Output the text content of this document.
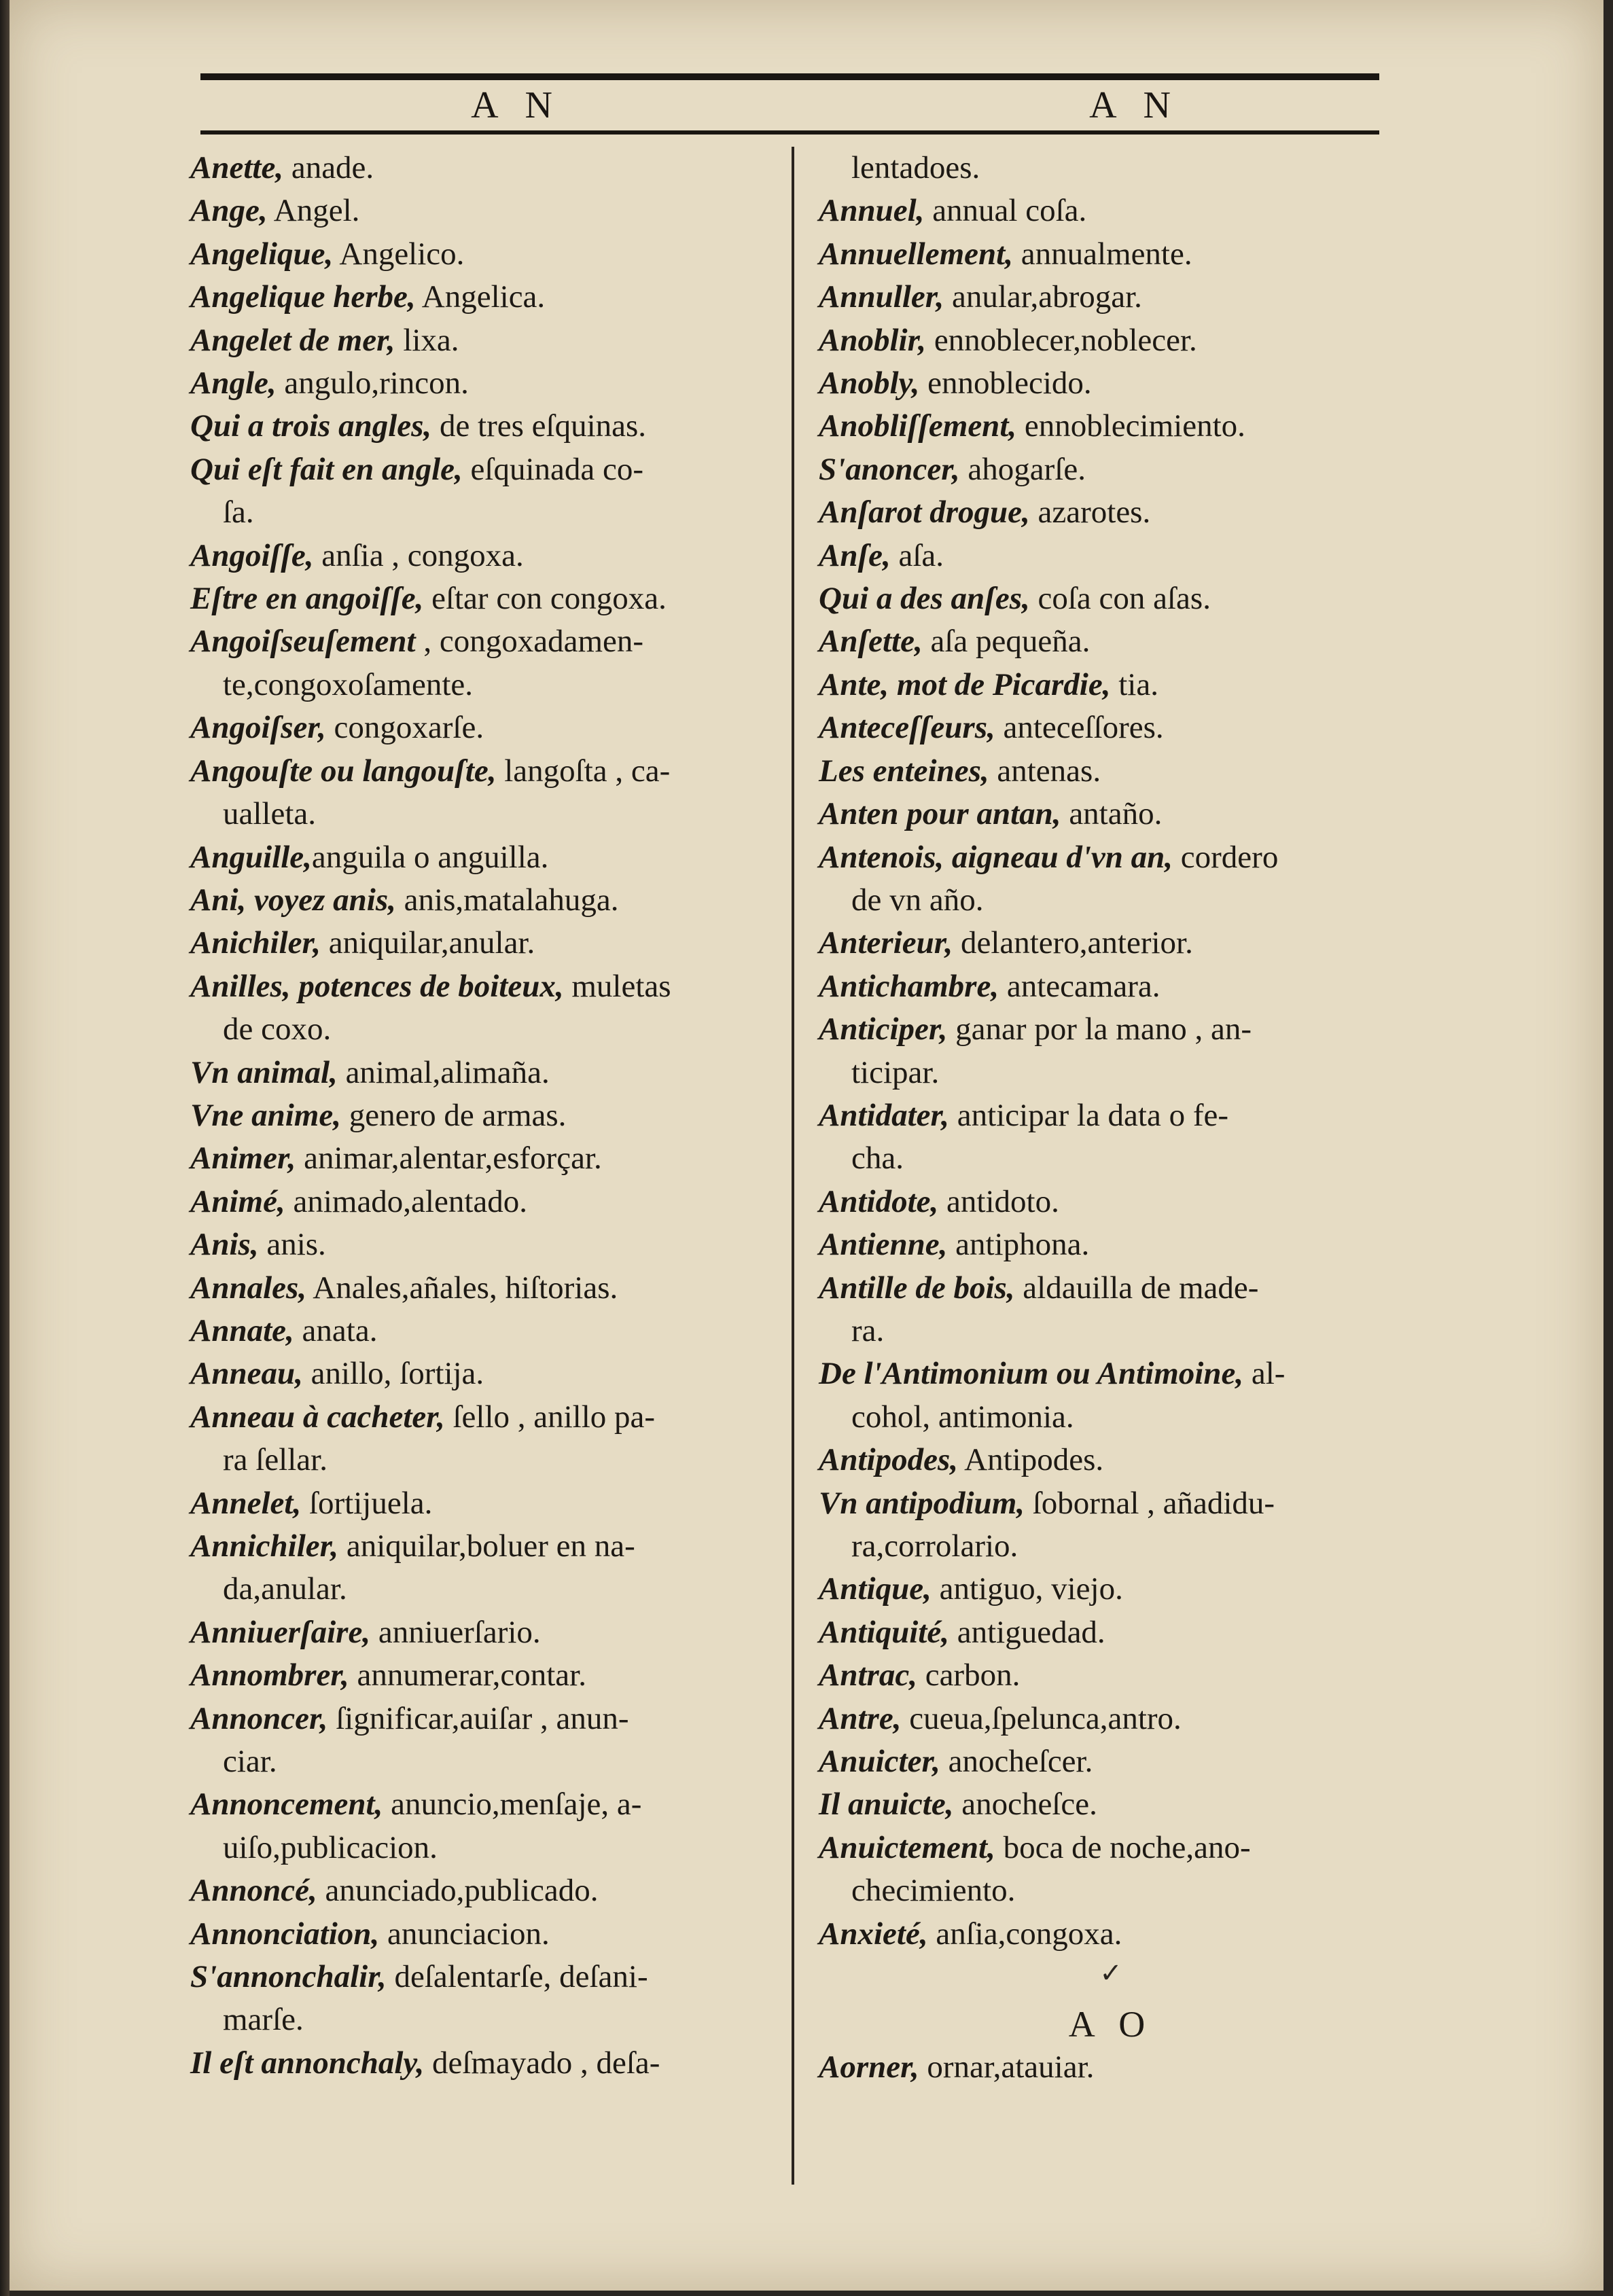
A N	A N
Anette, anade.
Ange, Angel.
Angelique, Angelico.
Angelique herbe, Angelica.
Angelet de mer, lixa.
Angle, angulo,rincon.
Qui a trois angles, de tres eſquinas.
Qui eſt fait en angle, eſquinada co-
ſa.
Angoiſſe, anſia , congoxa.
Eſtre en angoiſſe, eſtar con congoxa.
Angoiſseuſement , congoxadamen-
te,congoxoſamente.
Angoiſser, congoxarſe.
Angouſte ou langouſte, langoſta , ca-
ualleta.
Anguille,anguila o anguilla.
Ani, voyez anis, anis,matalahuga.
Anichiler, aniquilar,anular.
Anilles, potences de boiteux, muletas
de coxo.
Vn animal, animal,alimaña.
Vne anime, genero de armas.
Animer, animar,alentar,esforçar.
Animé, animado,alentado.
Anis, anis.
Annales, Anales,añales, hiſtorias.
Annate, anata.
Anneau, anillo, ſortija.
Anneau à cacheter, ſello , anillo pa-
ra ſellar.
Annelet, ſortijuela.
Annichiler, aniquilar,boluer en na-
da,anular.
Anniuerſaire, anniuerſario.
Annombrer, annumerar,contar.
Annoncer, ſignificar,auiſar , anun-
ciar.
Annoncement, anuncio,menſaje, a-
uiſo,publicacion.
Annoncé, anunciado,publicado.
Annonciation, anunciacion.
S'annonchalir, deſalentarſe, deſani-
marſe.
Il eſt annonchaly, deſmayado , deſa-
lentadoes.
Annuel, annual coſa.
Annuellement, annualmente.
Annuller, anular,abrogar.
Anoblir, ennoblecer,noblecer.
Anobly, ennoblecido.
Anobliſſement, ennoblecimiento.
S'anoncer, ahogarſe.
Anſarot drogue, azarotes.
Anſe, aſa.
Qui a des anſes, coſa con aſas.
Anſette, aſa pequeña.
Ante, mot de Picardie, tia.
Anteceſſeurs, anteceſſores.
Les enteines, antenas.
Anten pour antan, antaño.
Antenois, aigneau d'vn an, cordero
de vn año.
Anterieur, delantero,anterior.
Antichambre, antecamara.
Anticiper, ganar por la mano , an-
ticipar.
Antidater, anticipar la data o fe-
cha.
Antidote, antidoto.
Antienne, antiphona.
Antille de bois, aldauilla de made-
ra.
De l'Antimonium ou Antimoine, al-
cohol, antimonia.
Antipodes, Antipodes.
Vn antipodium, ſobornal , añadidu-
ra,corrolario.
Antique, antiguo, viejo.
Antiquité, antiguedad.
Antrac, carbon.
Antre, cueua,ſpelunca,antro.
Anuicter, anocheſcer.
Il anuicte, anocheſce.
Anuictement, boca de noche,ano-
checimiento.
Anxieté, anſia,congoxa.
✓
A O
Aorner, ornar,atauiar.
